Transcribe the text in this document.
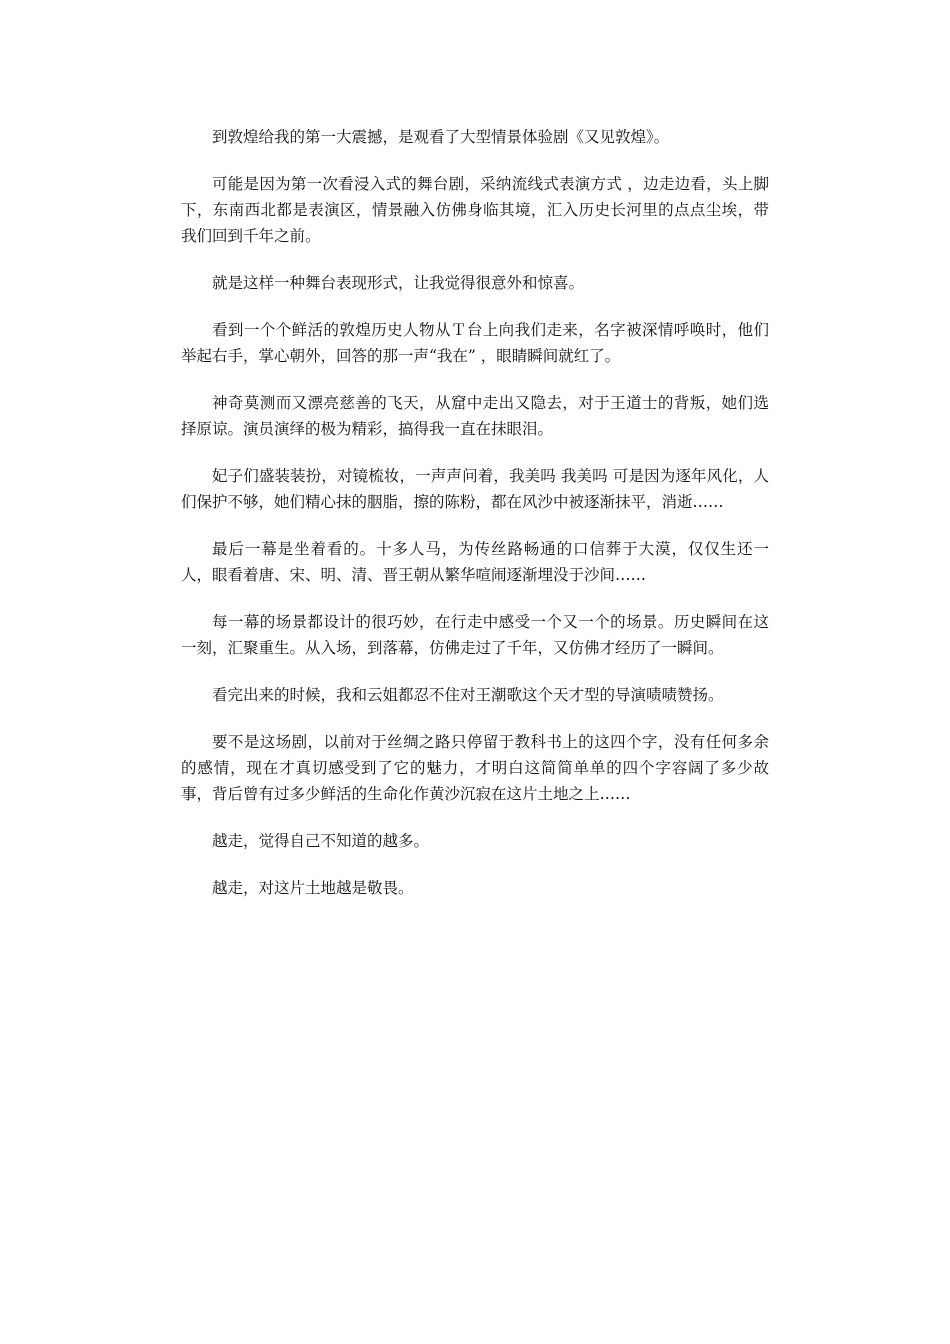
到敦煌给我的第一大震撼，是观看了大型情景体验剧《又见敦煌》。

可能是因为第一次看浸入式的舞台剧，采纳流线式表演方式 ，边走边看，头上脚下，东南西北都是表演区，情景融入仿佛身临其境，汇入历史长河里的点点尘埃，带我们回到千年之前。

就是这样一种舞台表现形式，让我觉得很意外和惊喜。

看到一个个鲜活的敦煌历史人物从Ｔ台上向我们走来，名字被深情呼唤时，他们举起右手，掌心朝外，回答的那一声“我在” ，眼睛瞬间就红了。

神奇莫测而又漂亮慈善的飞天，从窟中走出又隐去，对于王道士的背叛，她们选择原谅。演员演绎的极为精彩，搞得我一直在抹眼泪。

妃子们盛装装扮，对镜梳妆，一声声问着，我美吗 我美吗 可是因为逐年风化，人们保护不够，她们精心抹的胭脂，擦的陈粉，都在风沙中被逐渐抹平，消逝……

最后一幕是坐着看的。十多人马，为传丝路畅通的口信葬于大漠，仅仅生还一人，眼看着唐、宋、明、清、晋王朝从繁华喧闹逐渐埋没于沙间……

每一幕的场景都设计的很巧妙，在行走中感受一个又一个的场景。历史瞬间在这一刻，汇聚重生。从入场，到落幕，仿佛走过了千年，又仿佛才经历了一瞬间。

看完出来的时候，我和云姐都忍不住对王潮歌这个天才型的导演啧啧赞扬。

要不是这场剧，以前对于丝绸之路只停留于教科书上的这四个字，没有任何多余的感情，现在才真切感受到了它的魅力，才明白这简简单单的四个字容阔了多少故事，背后曾有过多少鲜活的生命化作黄沙沉寂在这片土地之上……

越走，觉得自己不知道的越多。

越走，对这片土地越是敬畏。
